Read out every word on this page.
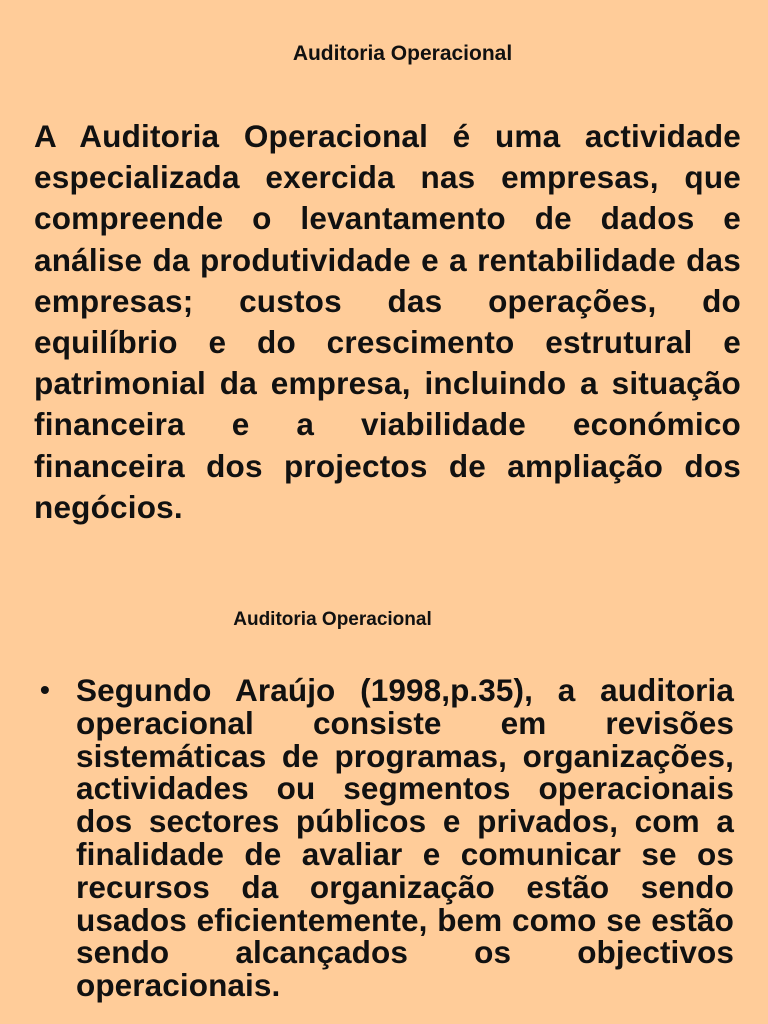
Auditoria Operacional

A Auditoria Operacional é uma actividade especializada exercida nas empresas, que compreende o levantamento de dados e análise da produtividade e a rentabilidade das empresas; custos das operações, do equilíbrio e do crescimento estrutural e patrimonial da empresa, incluindo a situação financeira e a viabilidade económico financeira dos projectos de ampliação dos negócios.

Auditoria Operacional
• Segundo Araújo (1998,p.35), a auditoria operacional consiste em revisões sistemáticas de programas, organizações, actividades ou segmentos operacionais dos sectores públicos e privados, com a finalidade de avaliar e comunicar se os recursos da organização estão sendo usados eficientemente, bem como se estão sendo alcançados os objectivos operacionais.
